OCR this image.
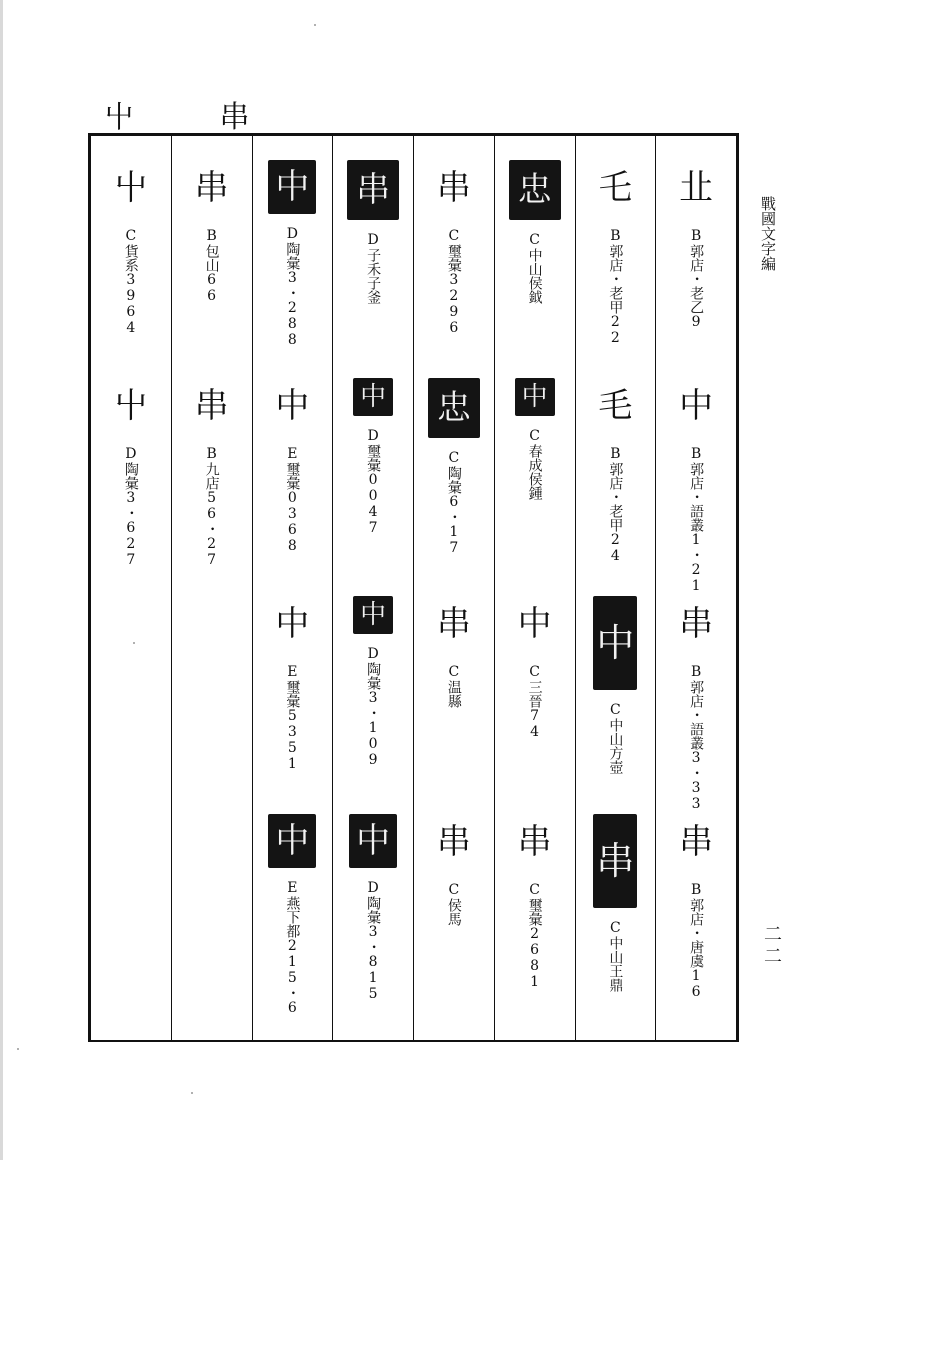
屮 串
戰國文字編
二二
㐀
B郭店・老乙9
中
B郭店・語叢1・21
串
B郭店・語叢3・33
串
B郭店・唐虞16
乇
B郭店・老甲22
毛
B郭店・老甲24
中
C中山方壺
串
C中山王鼎
忠
C中山侯鉞
中
C春成侯鍾
中
C三晉74
串
C璽彙2681
串
C璽彙3296
忠
C陶彙6・17
串
C温縣
串
C侯馬
串
D子禾子釜
中
D璽彙0047
中
D陶彙3・109
中
D陶彙3・815
中
D陶彙3・288
中
E璽彙0368
中
E璽彙5351
中
E燕下都215・6
串
B包山66
串
B九店56・27
屮
C貨系3964
屮
D陶彙3・627
